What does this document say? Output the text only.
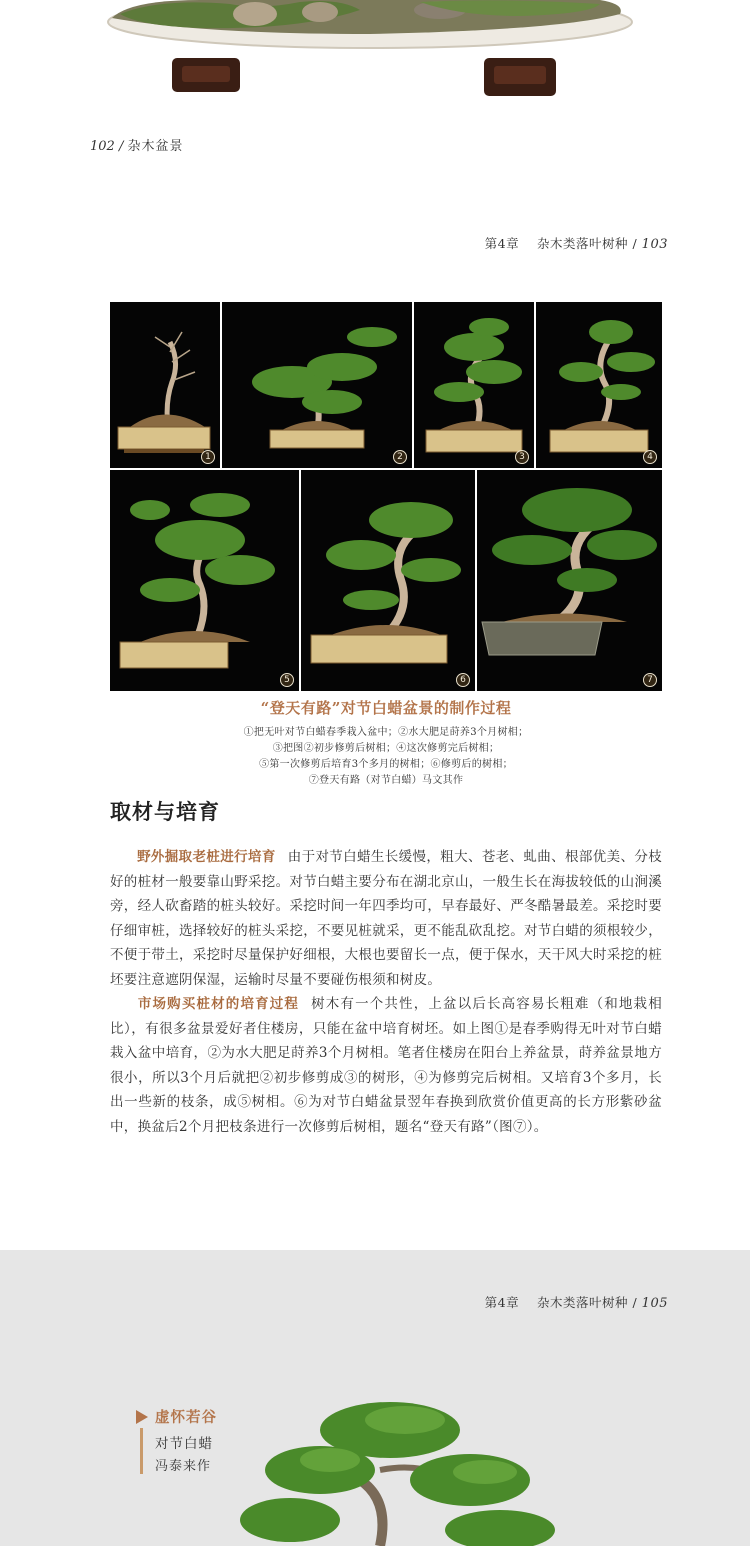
102 / 杂木盆景
第4章 杂木类落叶树种 / 103
1	2	3	4
5	6	7
“登天有路”对节白蜡盆景的制作过程
①把无叶对节白蜡春季栽入盆中；②水大肥足莳养3个月树相；
③把图②初步修剪后树相；④这次修剪完后树相；
⑤第一次修剪后培育3个多月的树相；⑥修剪后的树相；
⑦登天有路（对节白蜡）马文其作
取材与培育
野外掘取老桩进行培育 由于对节白蜡生长缓慢，粗大、苍老、虬曲、根部优美、分枝好的桩材一般要靠山野采挖。对节白蜡主要分布在湖北京山，一般生长在海拔较低的山涧溪旁，经人砍畜踏的桩头较好。采挖时间一年四季均可，早春最好、严冬酷暑最差。采挖时要仔细审桩，选择较好的桩头采挖，不要见桩就采，更不能乱砍乱挖。对节白蜡的须根较少，不便于带土，采挖时尽量保护好细根，大根也要留长一点，便于保水，天干风大时采挖的桩坯要注意遮阴保湿，运输时尽量不要碰伤根须和树皮。
市场购买桩材的培育过程 树木有一个共性，上盆以后长高容易长粗难（和地栽相比），有很多盆景爱好者住楼房，只能在盆中培育树坯。如上图①是春季购得无叶对节白蜡栽入盆中培育，②为水大肥足莳养3个月树相。笔者住楼房在阳台上养盆景，莳养盆景地方很小，所以3个月后就把②初步修剪成③的树形，④为修剪完后树相。又培育3个多月，长出一些新的枝条，成⑤树相。⑥为对节白蜡盆景翌年春换到欣赏价值更高的长方形紫砂盆中，换盆后2个月把枝条进行一次修剪后树相，题名“登天有路”（图⑦）。
第4章 杂木类落叶树种 / 105
虚怀若谷
对节白蜡
冯泰来作
